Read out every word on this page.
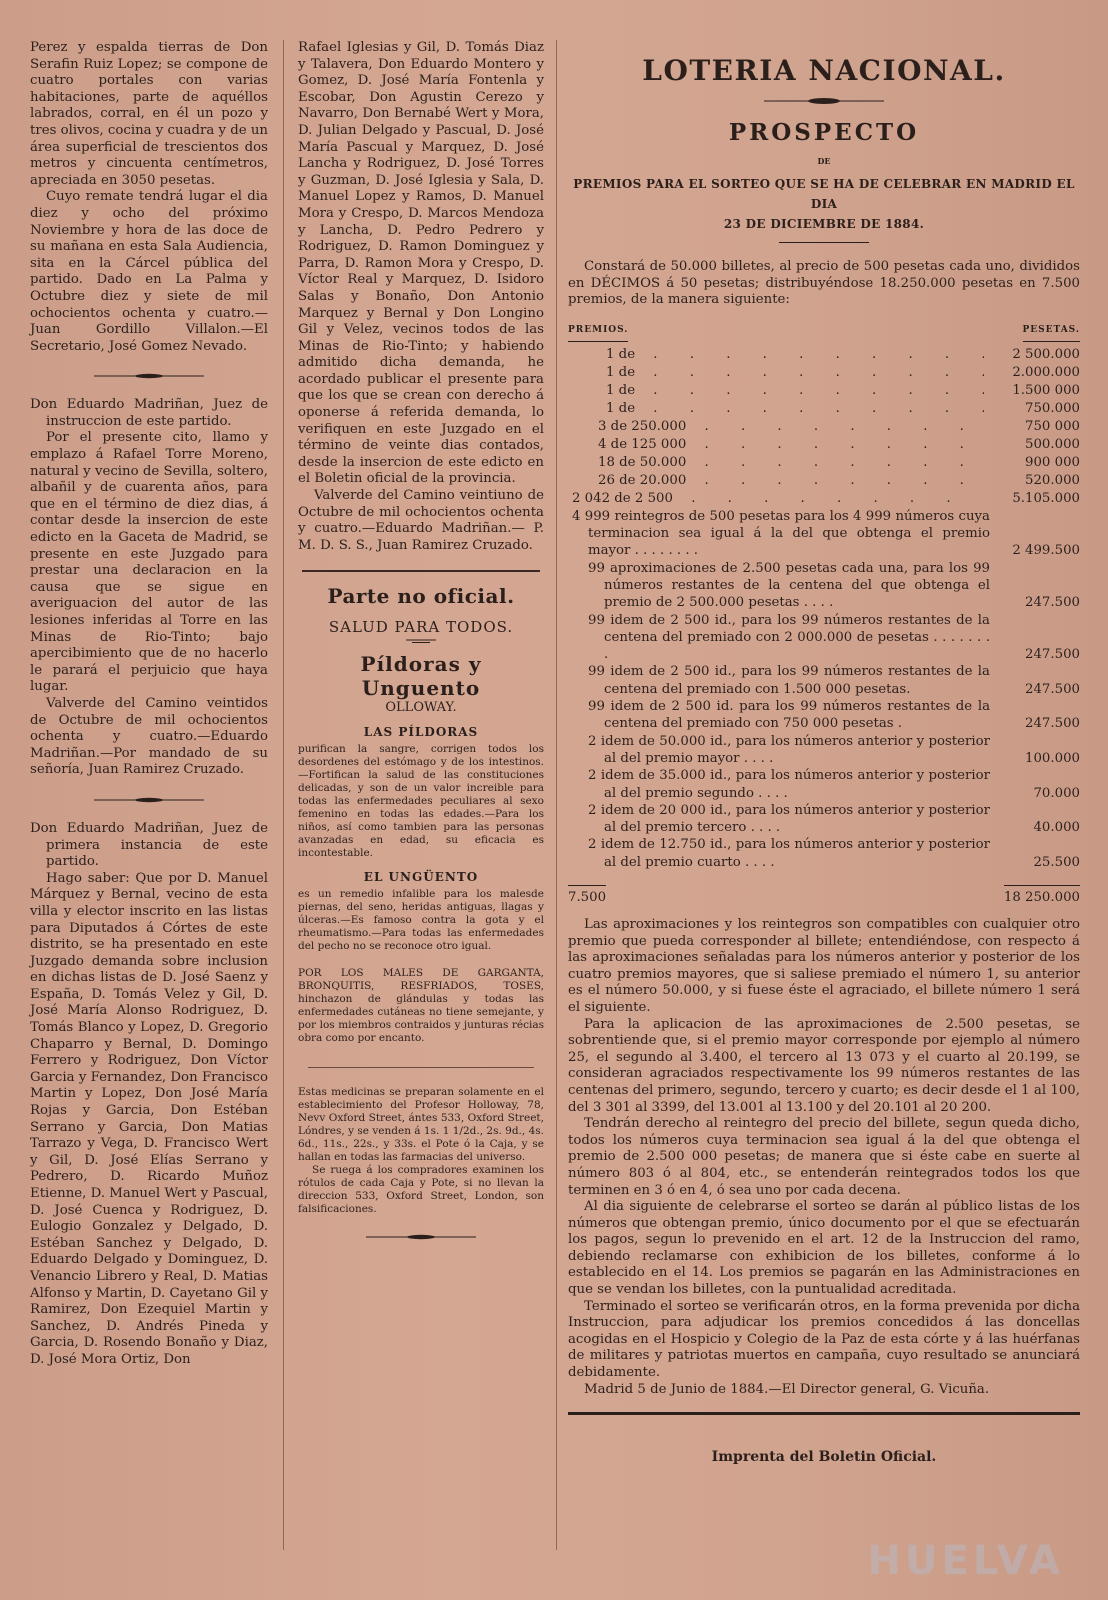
Perez y espalda tierras de Don Serafin Ruiz Lopez; se compone de cuatro portales con varias habitaciones, parte de aquéllos labrados, corral, en él un pozo y tres olivos, cocina y cuadra y de un área superficial de trescientos dos metros y cincuenta centímetros, apreciada en 3050 pesetas.

Cuyo remate tendrá lugar el dia diez y ocho del próximo Noviembre y hora de las doce de su mañana en esta Sala Audiencia, sita en la Cárcel pública del partido. Dado en La Palma y Octubre diez y siete de mil ochocientos ochenta y cuatro.—Juan Gordillo Villalon.—El Secretario, José Gomez Nevado.

Don Eduardo Madriñan, Juez de instruccion de este partido.

Por el presente cito, llamo y emplazo á Rafael Torre Moreno, natural y vecino de Sevilla, soltero, albañil y de cuarenta años, para que en el término de diez dias, á contar desde la insercion de este edicto en la Gaceta de Madrid, se presente en este Juzgado para prestar una declaracion en la causa que se sigue en averiguacion del autor de las lesiones inferidas al Torre en las Minas de Rio-Tinto; bajo apercibimiento que de no hacerlo le parará el perjuicio que haya lugar.

Valverde del Camino veintidos de Octubre de mil ochocientos ochenta y cuatro.—Eduardo Madriñan.—Por mandado de su señoría, Juan Ramirez Cruzado.

Don Eduardo Madriñan, Juez de primera instancia de este partido.

Hago saber: Que por D. Manuel Márquez y Bernal, vecino de esta villa y elector inscrito en las listas para Diputados á Córtes de este distrito, se ha presentado en este Juzgado demanda sobre inclusion en dichas listas de D. José Saenz y España, D. Tomás Velez y Gil, D. José María Alonso Rodriguez, D. Tomás Blanco y Lopez, D. Gregorio Chaparro y Bernal, D. Domingo Ferrero y Rodriguez, Don Víctor Garcia y Fernandez, Don Francisco Martin y Lopez, Don José María Rojas y Garcia, Don Estéban Serrano y Garcia, Don Matias Tarrazo y Vega, D. Francisco Wert y Gil, D. José Elías Serrano y Pedrero, D. Ricardo Muñoz Etienne, D. Manuel Wert y Pascual, D. José Cuenca y Rodriguez, D. Eulogio Gonzalez y Delgado, D. Estéban Sanchez y Delgado, D. Eduardo Delgado y Dominguez, D. Venancio Librero y Real, D. Matias Alfonso y Martin, D. Cayetano Gil y Ramirez, Don Ezequiel Martin y Sanchez, D. Andrés Pineda y Garcia, D. Rosendo Bonaño y Diaz, D. José Mora Ortiz, Don

Rafael Iglesias y Gil, D. Tomás Diaz y Talavera, Don Eduardo Montero y Gomez, D. José María Fontenla y Escobar, Don Agustin Cerezo y Navarro, Don Bernabé Wert y Mora, D. Julian Delgado y Pascual, D. José María Pascual y Marquez, D. José Lancha y Rodriguez, D. José Torres y Guzman, D. José Iglesia y Sala, D. Manuel Lopez y Ramos, D. Manuel Mora y Crespo, D. Marcos Mendoza y Lancha, D. Pedro Pedrero y Rodriguez, D. Ramon Dominguez y Parra, D. Ramon Mora y Crespo, D. Víctor Real y Marquez, D. Isidoro Salas y Bonaño, Don Antonio Marquez y Bernal y Don Longino Gil y Velez, vecinos todos de las Minas de Rio-Tinto; y habiendo admitido dicha demanda, he acordado publicar el presente para que los que se crean con derecho á oponerse á referida demanda, lo verifiquen en este Juzgado en el término de veinte dias contados, desde la insercion de este edicto en el Boletin oficial de la provincia.

Valverde del Camino veintiuno de Octubre de mil ochocientos ochenta y cuatro.—Eduardo Madriñan.— P. M. D. S. S., Juan Ramirez Cruzado.

Parte no oficial.
SALUD PARA TODOS.
Píldoras y Unguento
OLLOWAY.
LAS PÍLDORAS

purifican la sangre, corrigen todos los desordenes del estómago y de los intestinos.—Fortifican la salud de las constituciones delicadas, y son de un valor increible para todas las enfermedades peculiares al sexo femenino en todas las edades.—Para los niños, así como tambien para las personas avanzadas en edad, su eficacia es incontestable.

EL UNGÜENTO

es un remedio infalible para los malesde piernas, del seno, heridas antiguas, llagas y úlceras.—Es famoso contra la gota y el rheumatismo.—Para todas las enfermedades del pecho no se reconoce otro igual.

POR LOS MALES DE GARGANTA, BRONQUITIS, RESFRIADOS, TOSES, hinchazon de glándulas y todas las enfermedades cutáneas no tiene semejante, y por los miembros contraidos y junturas récias obra como por encanto.

Estas medicinas se preparan solamente en el establecimiento del Profesor Holloway, 78, Nevv Oxford Street, ántes 533, Oxford Street, Lóndres, y se venden á 1s. 1 1/2d., 2s. 9d., 4s. 6d., 11s., 22s., y 33s. el Pote ó la Caja, y se hallan en todas las farmacias del universo.

Se ruega á los compradores examinen los rótulos de cada Caja y Pote, si no llevan la direccion 533, Oxford Street, London, son falsificaciones.

LOTERIA NACIONAL.
PROSPECTO
DE
PREMIOS PARA EL SORTEO QUE SE HA DE CELEBRAR EN MADRID EL DIA
23 DE DICIEMBRE DE 1884.

Constará de 50.000 billetes, al precio de 500 pesetas cada uno, divididos en DÉCIMOS á 50 pesetas; distribuyéndose 18.250.000 pesetas en 7.500 premios, de la manera siguiente:

PREMIOS.	PESETAS.
1 de . . .	2 500.000
1 de . . .	2.000.000
1 de . . .	1.500 000
1 de . . .	750.000
3 de 250.000 . . .	750 000
4 de 125 000 . . .	500.000
18 de 50.000 . . .	900 000
26 de 20.000 . . .	520.000
2 042 de 2 500 . . .	5.105.000
4 999 reintegros de 500 pesetas para los 4 999 números cuya terminacion sea igual á la del que obtenga el premio mayor . . . . . . . .	2 499.500
99 aproximaciones de 2.500 pesetas cada una, para los 99 números restantes de la centena del que obtenga el premio de 2 500.000 pesetas . . . .	247.500
99 idem de 2 500 id., para los 99 números restantes de la centena del premiado con 2 000.000 de pesetas . . . . . . . .	247.500
99 idem de 2 500 id., para los 99 números restantes de la centena del premiado con 1.500 000 pesetas.	247.500
99 idem de 2 500 id. para los 99 números restantes de la centena del premiado con 750 000 pesetas .	247.500
2 idem de 50.000 id., para los números anterior y posterior al del premio mayor . . . .	100.000
2 idem de 35.000 id., para los números anterior y posterior al del premio segundo . . . .	70.000
2 idem de 20 000 id., para los números anterior y posterior al del premio tercero . . . .	40.000
2 idem de 12.750 id., para los números anterior y posterior al del premio cuarto . . . .	25.500
7.500	18 250.000

Las aproximaciones y los reintegros son compatibles con cualquier otro premio que pueda corresponder al billete; entendiéndose, con respecto á las aproximaciones señaladas para los números anterior y posterior de los cuatro premios mayores, que si saliese premiado el número 1, su anterior es el número 50.000, y si fuese éste el agraciado, el billete número 1 será el siguiente.

Para la aplicacion de las aproximaciones de 2.500 pesetas, se sobrentiende que, si el premio mayor corresponde por ejemplo al número 25, el segundo al 3.400, el tercero al 13 073 y el cuarto al 20.199, se consideran agraciados respectivamente los 99 números restantes de las centenas del primero, segundo, tercero y cuarto; es decir desde el 1 al 100, del 3 301 al 3399, del 13.001 al 13.100 y del 20.101 al 20 200.

Tendrán derecho al reintegro del precio del billete, segun queda dicho, todos los números cuya terminacion sea igual á la del que obtenga el premio de 2.500 000 pesetas; de manera que si éste cabe en suerte al número 803 ó al 804, etc., se entenderán reintegrados todos los que terminen en 3 ó en 4, ó sea uno por cada decena.

Al dia siguiente de celebrarse el sorteo se darán al público listas de los números que obtengan premio, único documento por el que se efectuarán los pagos, segun lo prevenido en el art. 12 de la Instruccion del ramo, debiendo reclamarse con exhibicion de los billetes, conforme á lo establecido en el 14. Los premios se pagarán en las Administraciones en que se vendan los billetes, con la puntualidad acreditada.

Terminado el sorteo se verificarán otros, en la forma prevenida por dicha Instruccion, para adjudicar los premios concedidos á las doncellas acogidas en el Hospicio y Colegio de la Paz de esta córte y á las huérfanas de militares y patriotas muertos en campaña, cuyo resultado se anunciará debidamente.

Madrid 5 de Junio de 1884.—El Director general, G. Vicuña.

Imprenta del Boletin Oficial.
HUELVA
